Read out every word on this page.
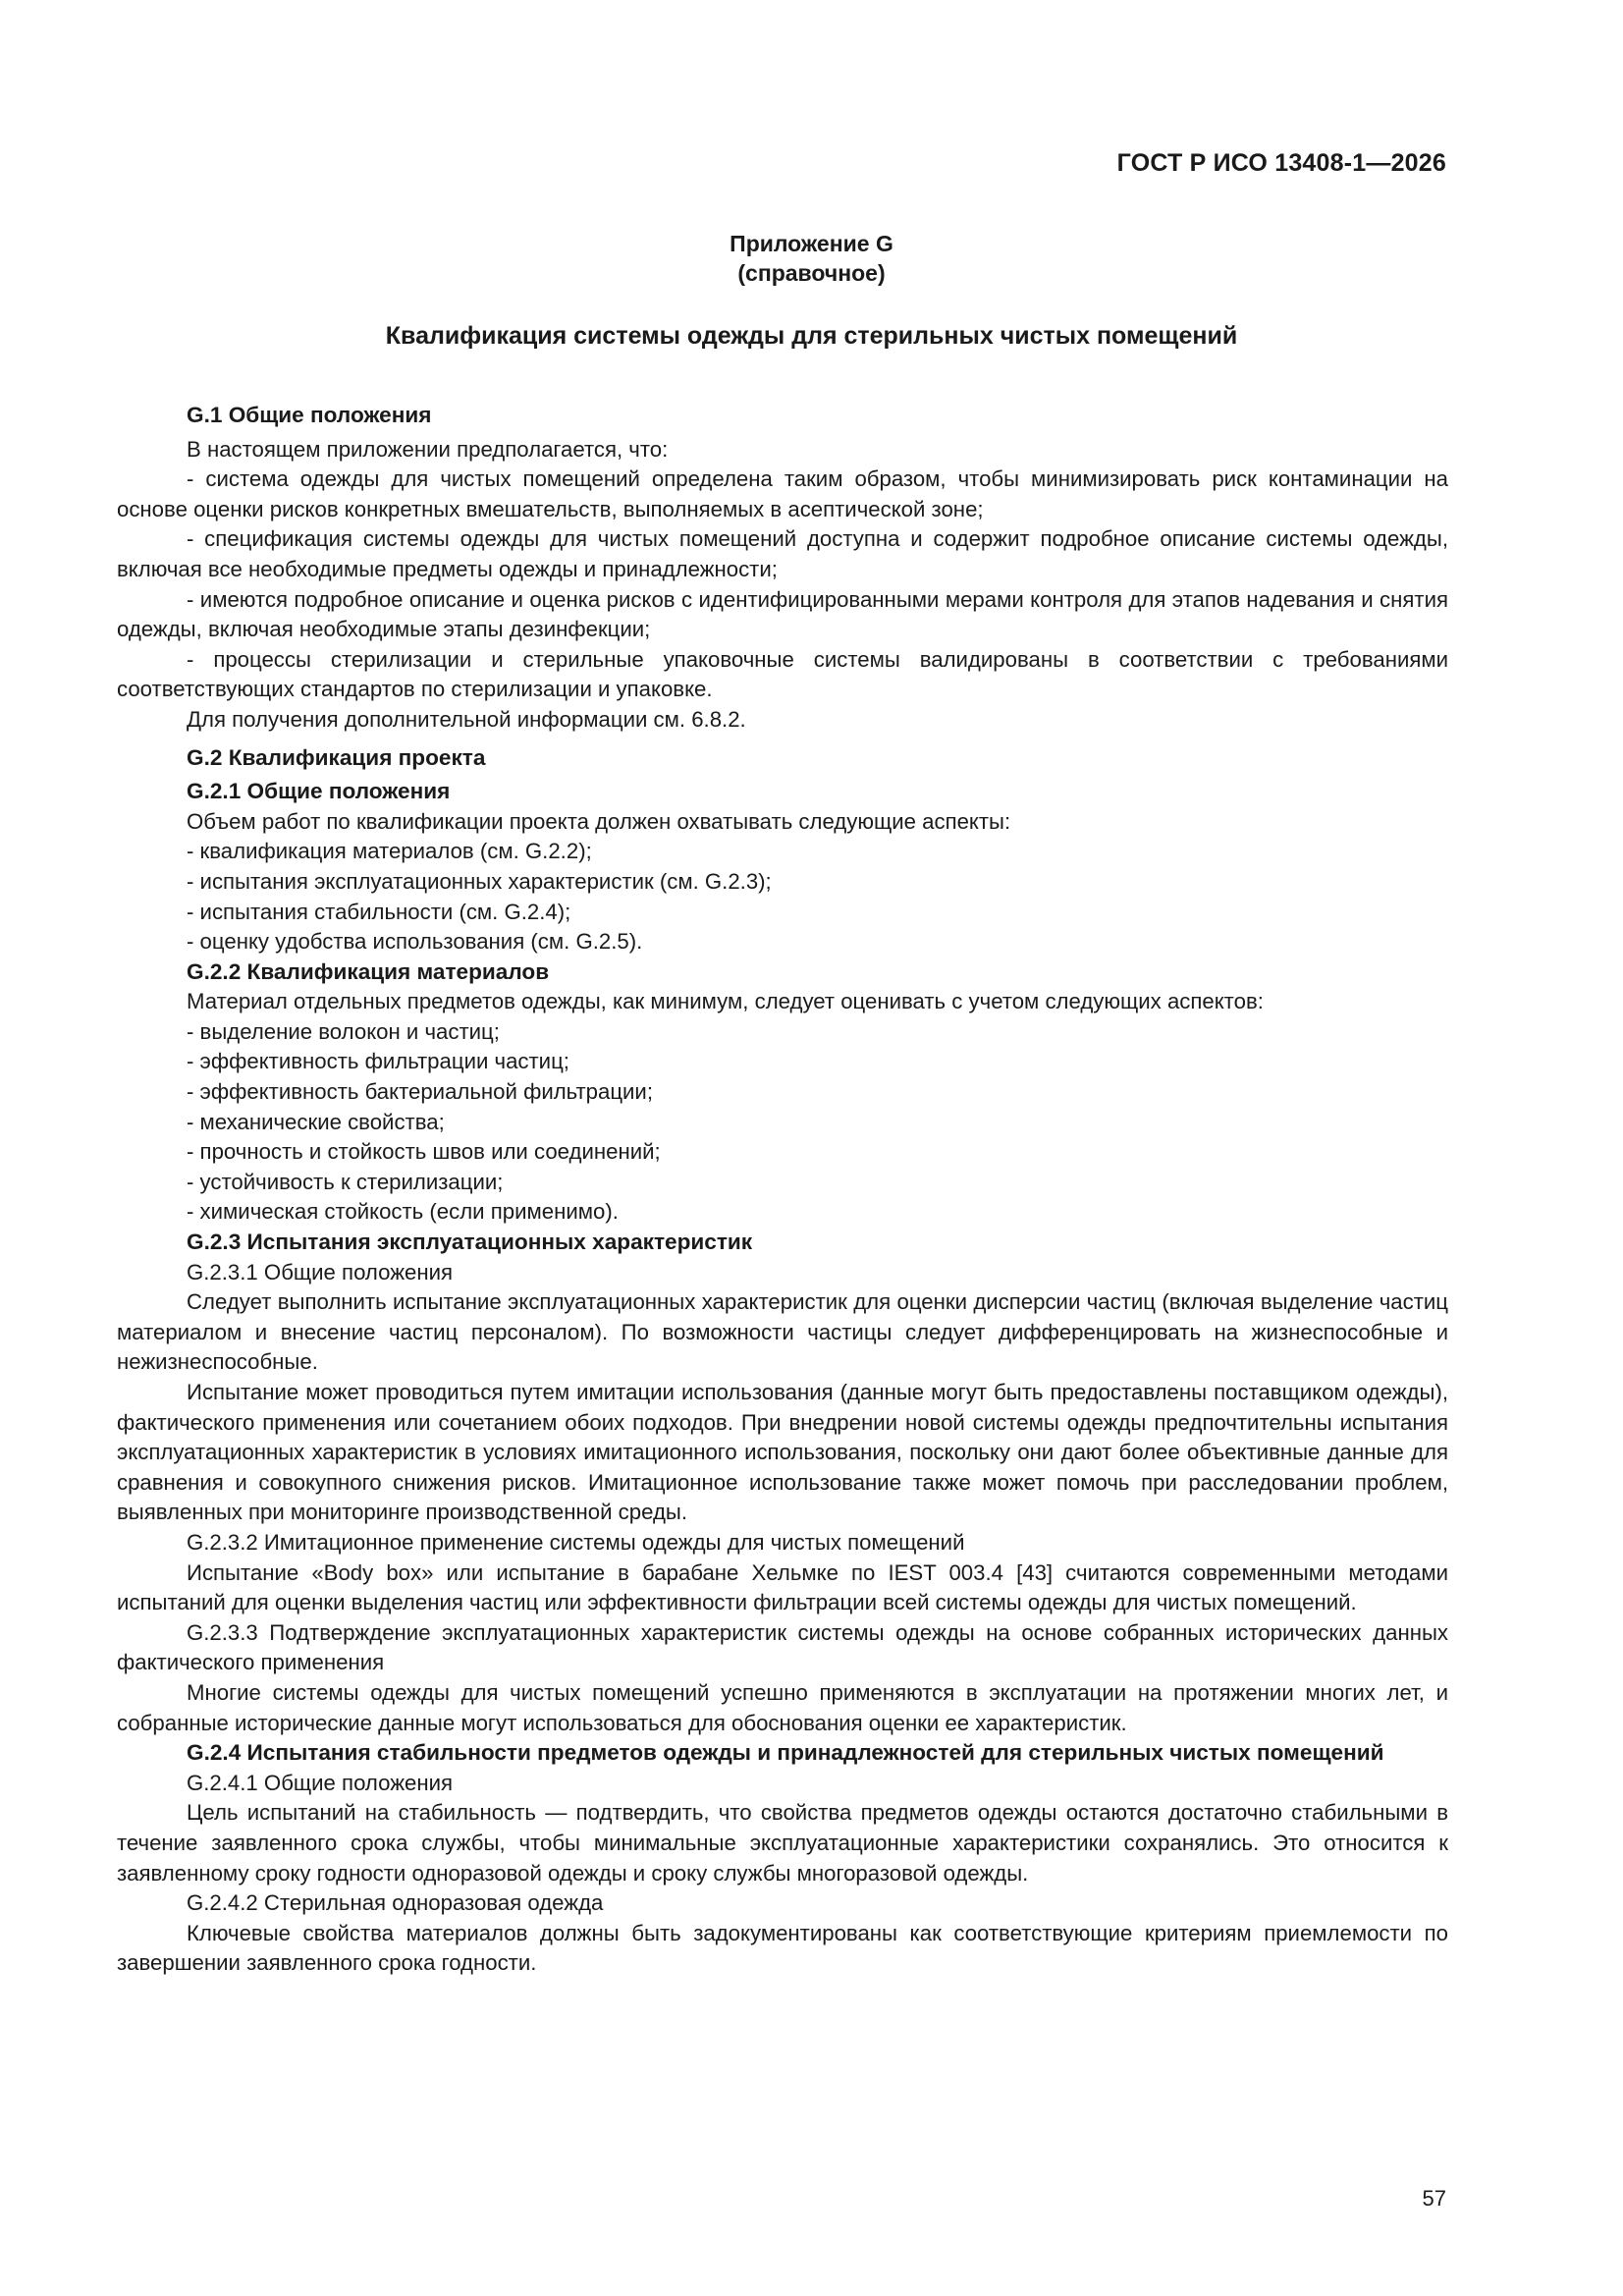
ГОСТ Р ИСО 13408-1—2026
Приложение G
(справочное)
Квалификация системы одежды для стерильных чистых помещений

G.1 Общие положения

В настоящем приложении предполагается, что:

- система одежды для чистых помещений определена таким образом, чтобы минимизировать риск контаминации на основе оценки рисков конкретных вмешательств, выполняемых в асептической зоне;

- спецификация системы одежды для чистых помещений доступна и содержит подробное описание системы одежды, включая все необходимые предметы одежды и принадлежности;

- имеются подробное описание и оценка рисков с идентифицированными мерами контроля для этапов надевания и снятия одежды, включая необходимые этапы дезинфекции;

- процессы стерилизации и стерильные упаковочные системы валидированы в соответствии с требованиями соответствующих стандартов по стерилизации и упаковке.

Для получения дополнительной информации см. 6.8.2.

G.2 Квалификация проекта

G.2.1 Общие положения

Объем работ по квалификации проекта должен охватывать следующие аспекты:

- квалификация материалов (см. G.2.2);

- испытания эксплуатационных характеристик (см. G.2.3);

- испытания стабильности (см. G.2.4);

- оценку удобства использования (см. G.2.5).

G.2.2 Квалификация материалов

Материал отдельных предметов одежды, как минимум, следует оценивать с учетом следующих аспектов:

- выделение волокон и частиц;

- эффективность фильтрации частиц;

- эффективность бактериальной фильтрации;

- механические свойства;

- прочность и стойкость швов или соединений;

- устойчивость к стерилизации;

- химическая стойкость (если применимо).

G.2.3 Испытания эксплуатационных характеристик

G.2.3.1 Общие положения

Следует выполнить испытание эксплуатационных характеристик для оценки дисперсии частиц (включая выделение частиц материалом и внесение частиц персоналом). По возможности частицы следует дифференцировать на жизнеспособные и нежизнеспособные.

Испытание может проводиться путем имитации использования (данные могут быть предоставлены поставщиком одежды), фактического применения или сочетанием обоих подходов. При внедрении новой системы одежды предпочтительны испытания эксплуатационных характеристик в условиях имитационного использования, поскольку они дают более объективные данные для сравнения и совокупного снижения рисков. Имитационное использование также может помочь при расследовании проблем, выявленных при мониторинге производственной среды.

G.2.3.2 Имитационное применение системы одежды для чистых помещений

Испытание «Body box» или испытание в барабане Хельмке по IEST 003.4 [43] считаются современными методами испытаний для оценки выделения частиц или эффективности фильтрации всей системы одежды для чистых помещений.

G.2.3.3 Подтверждение эксплуатационных характеристик системы одежды на основе собранных исторических данных фактического применения

Многие системы одежды для чистых помещений успешно применяются в эксплуатации на протяжении многих лет, и собранные исторические данные могут использоваться для обоснования оценки ее характеристик.

G.2.4 Испытания стабильности предметов одежды и принадлежностей для стерильных чистых помещений

G.2.4.1 Общие положения

Цель испытаний на стабильность — подтвердить, что свойства предметов одежды остаются достаточно стабильными в течение заявленного срока службы, чтобы минимальные эксплуатационные характеристики сохранялись. Это относится к заявленному сроку годности одноразовой одежды и сроку службы многоразовой одежды.

G.2.4.2 Стерильная одноразовая одежда

Ключевые свойства материалов должны быть задокументированы как соответствующие критериям приемлемости по завершении заявленного срока годности.

57
